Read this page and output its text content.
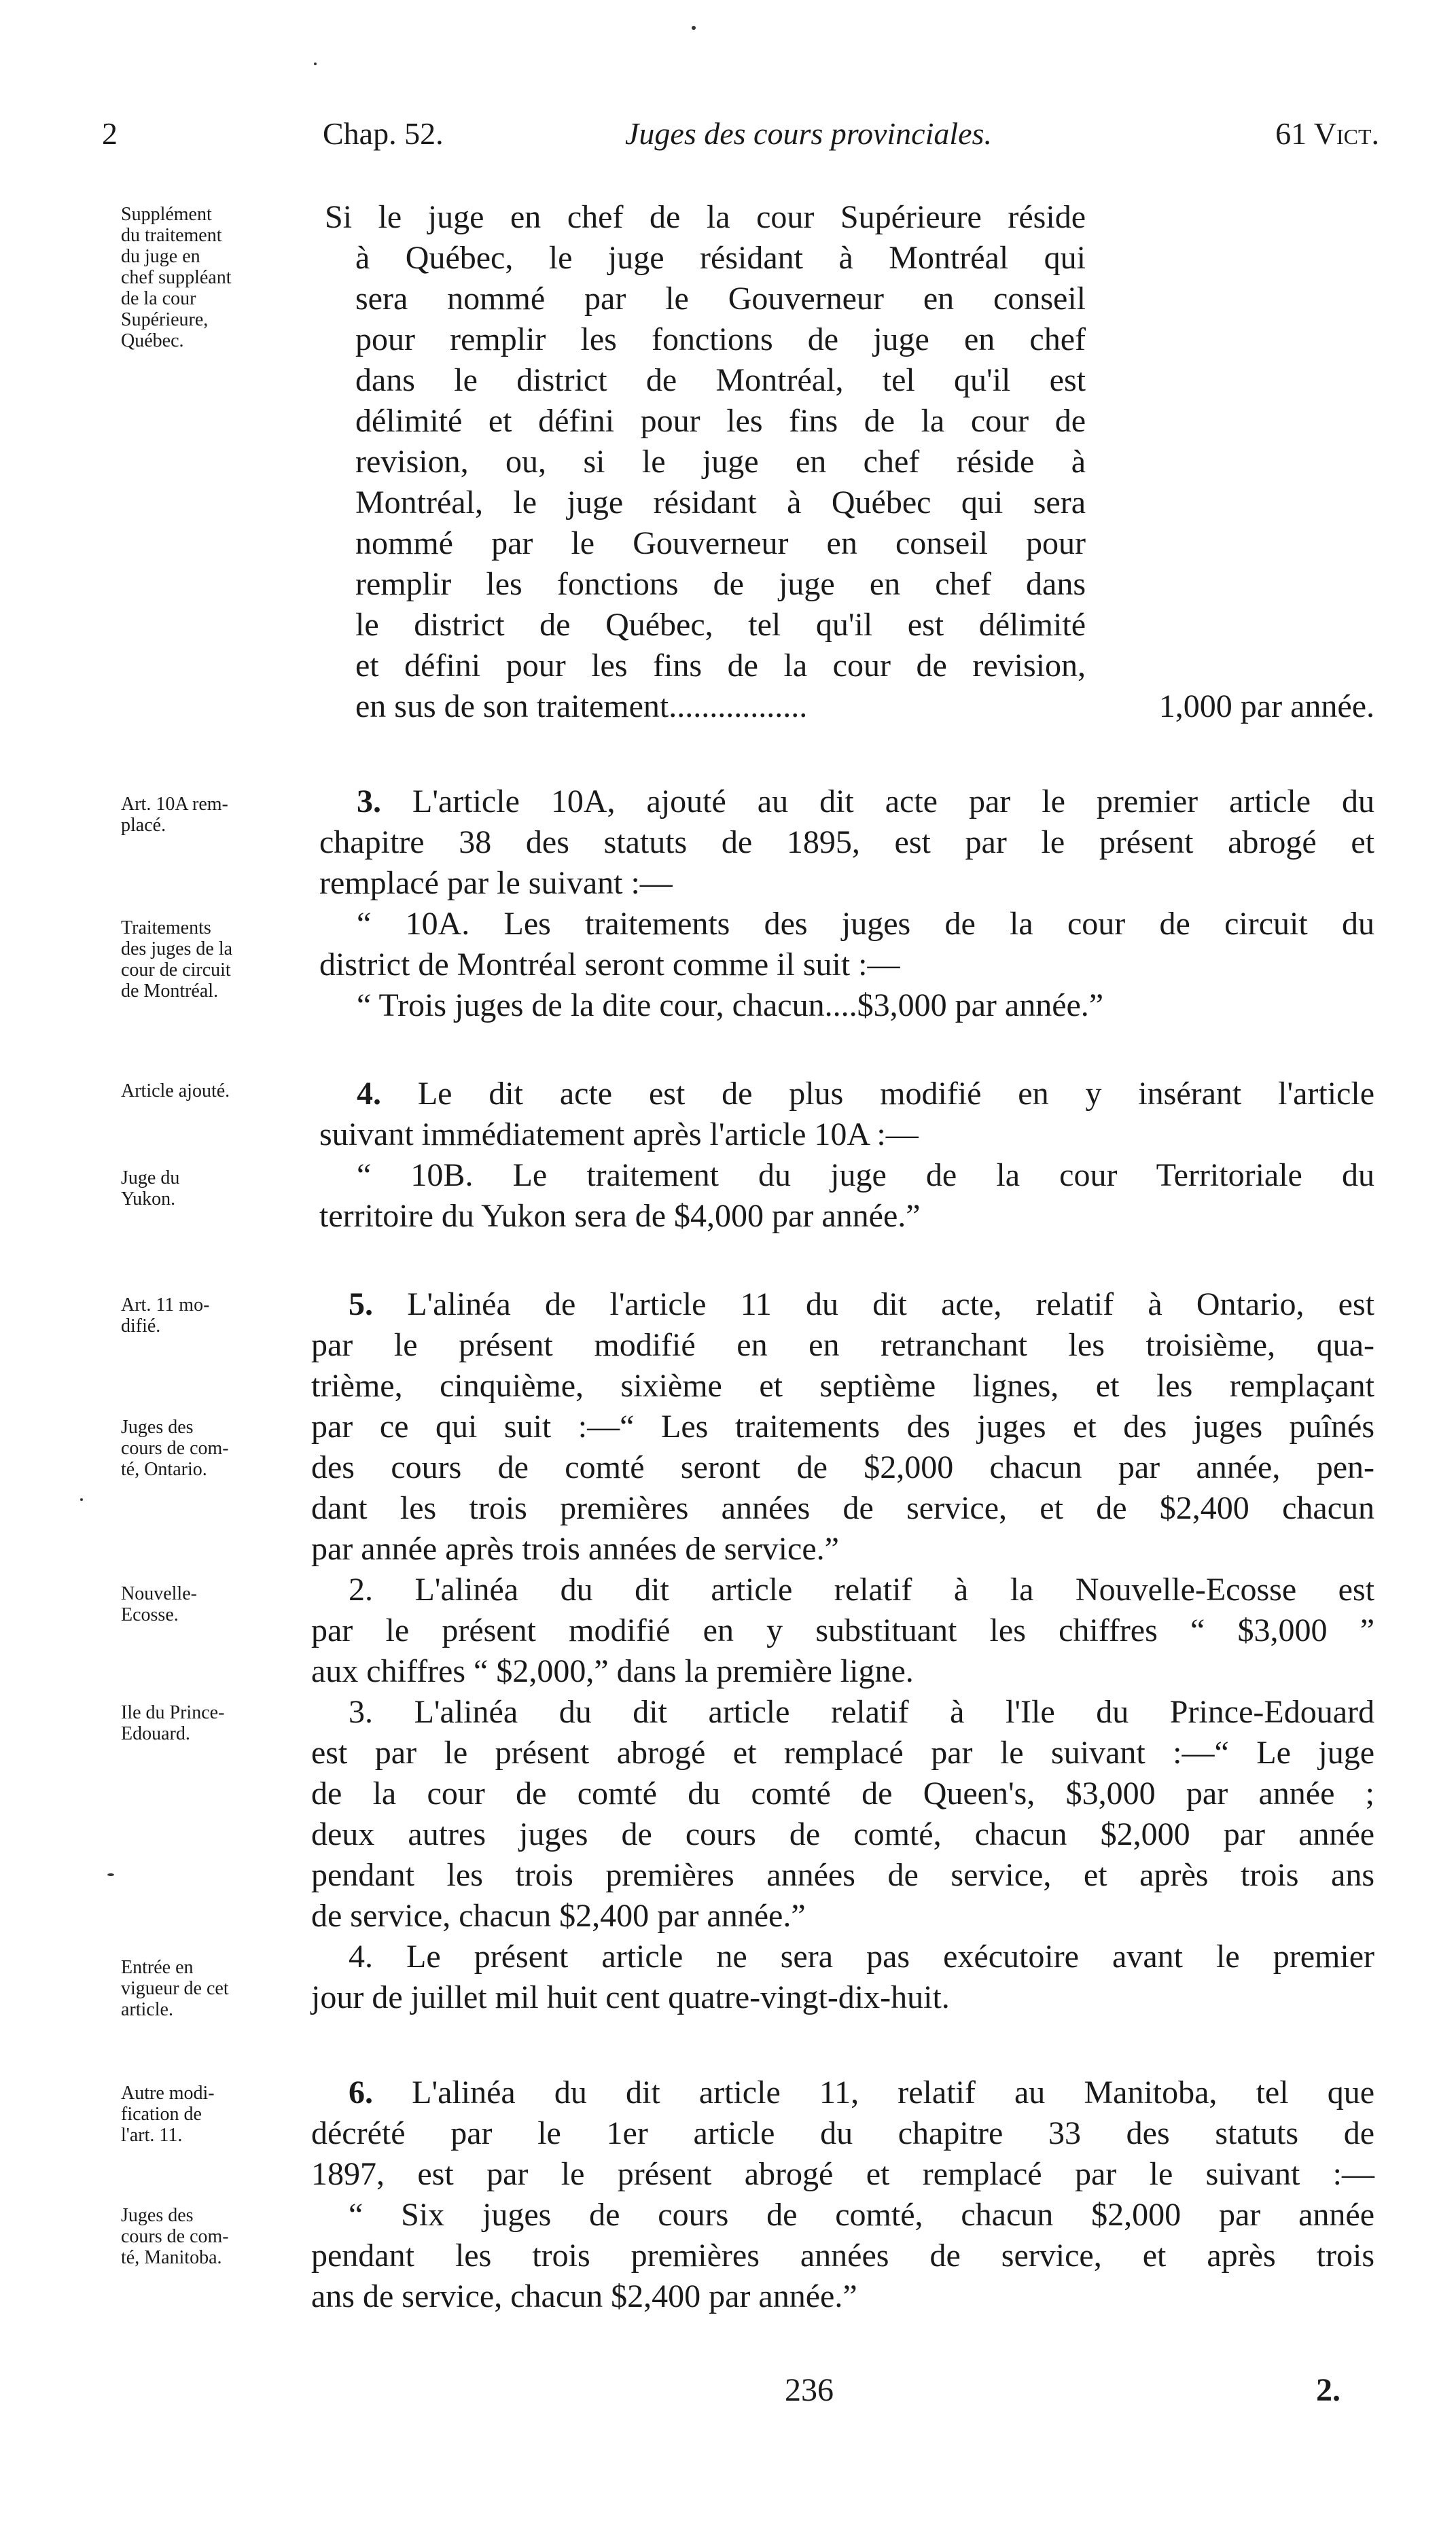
2	Chap. 52.	Juges des cours provinciales.	61 Vict.
Supplément
du traitement
du juge en
chef suppléant
de la cour
Supérieure,
Québec.
Art. 10A rem-
placé.
Traitements
des juges de la
cour de circuit
de Montréal.
Article ajouté.
Juge du
Yukon.
Art. 11 mo-
difié.
Juges des
cours de com-
té, Ontario.
Nouvelle-
Ecosse.
Ile du Prince-
Edouard.
Entrée en
vigueur de cet
article.
Autre modi-
fication de
l'art. 11.
Juges des
cours de com-
té, Manitoba.
Si le juge en chef de la cour Supérieure réside
à Québec, le juge résidant à Montréal qui
sera nommé par le Gouverneur en conseil
pour remplir les fonctions de juge en chef
dans le district de Montréal, tel qu'il est
délimité et défini pour les fins de la cour de
revision, ou, si le juge en chef réside à
Montréal, le juge résidant à Québec qui sera
nommé par le Gouverneur en conseil pour
remplir les fonctions de juge en chef dans
le district de Québec, tel qu'il est délimité
et défini pour les fins de la cour de revision,
en sus de son traitement.................	1,000 par année.
3. L'article 10A, ajouté au dit acte par le premier article du
chapitre 38 des statuts de 1895, est par le présent abrogé et
remplacé par le suivant :—
“ 10A. Les traitements des juges de la cour de circuit du
district de Montréal seront comme il suit :—
“ Trois juges de la dite cour, chacun....$3,000 par année.”
4. Le dit acte est de plus modifié en y insérant l'article
suivant immédiatement après l'article 10A :—
“ 10B. Le traitement du juge de la cour Territoriale du
territoire du Yukon sera de $4,000 par année.”
5. L'alinéa de l'article 11 du dit acte, relatif à Ontario, est
par le présent modifié en en retranchant les troisième, qua-
trième, cinquième, sixième et septième lignes, et les remplaçant
par ce qui suit :—“ Les traitements des juges et des juges puînés
des cours de comté seront de $2,000 chacun par année, pen-
dant les trois premières années de service, et de $2,400 chacun
par année après trois années de service.”
2. L'alinéa du dit article relatif à la Nouvelle-Ecosse est
par le présent modifié en y substituant les chiffres “ $3,000 ”
aux chiffres “ $2,000,” dans la première ligne.
3. L'alinéa du dit article relatif à l'Ile du Prince-Edouard
est par le présent abrogé et remplacé par le suivant :—“ Le juge
de la cour de comté du comté de Queen's, $3,000 par année ;
deux autres juges de cours de comté, chacun $2,000 par année
pendant les trois premières années de service, et après trois ans
de service, chacun $2,400 par année.”
4. Le présent article ne sera pas exécutoire avant le premier
jour de juillet mil huit cent quatre-vingt-dix-huit.
6. L'alinéa du dit article 11, relatif au Manitoba, tel que
décrété par le 1er article du chapitre 33 des statuts de
1897, est par le présent abrogé et remplacé par le suivant :—
“ Six juges de cours de comté, chacun $2,000 par année
pendant les trois premières années de service, et après trois
ans de service, chacun $2,400 par année.”
236	2.
